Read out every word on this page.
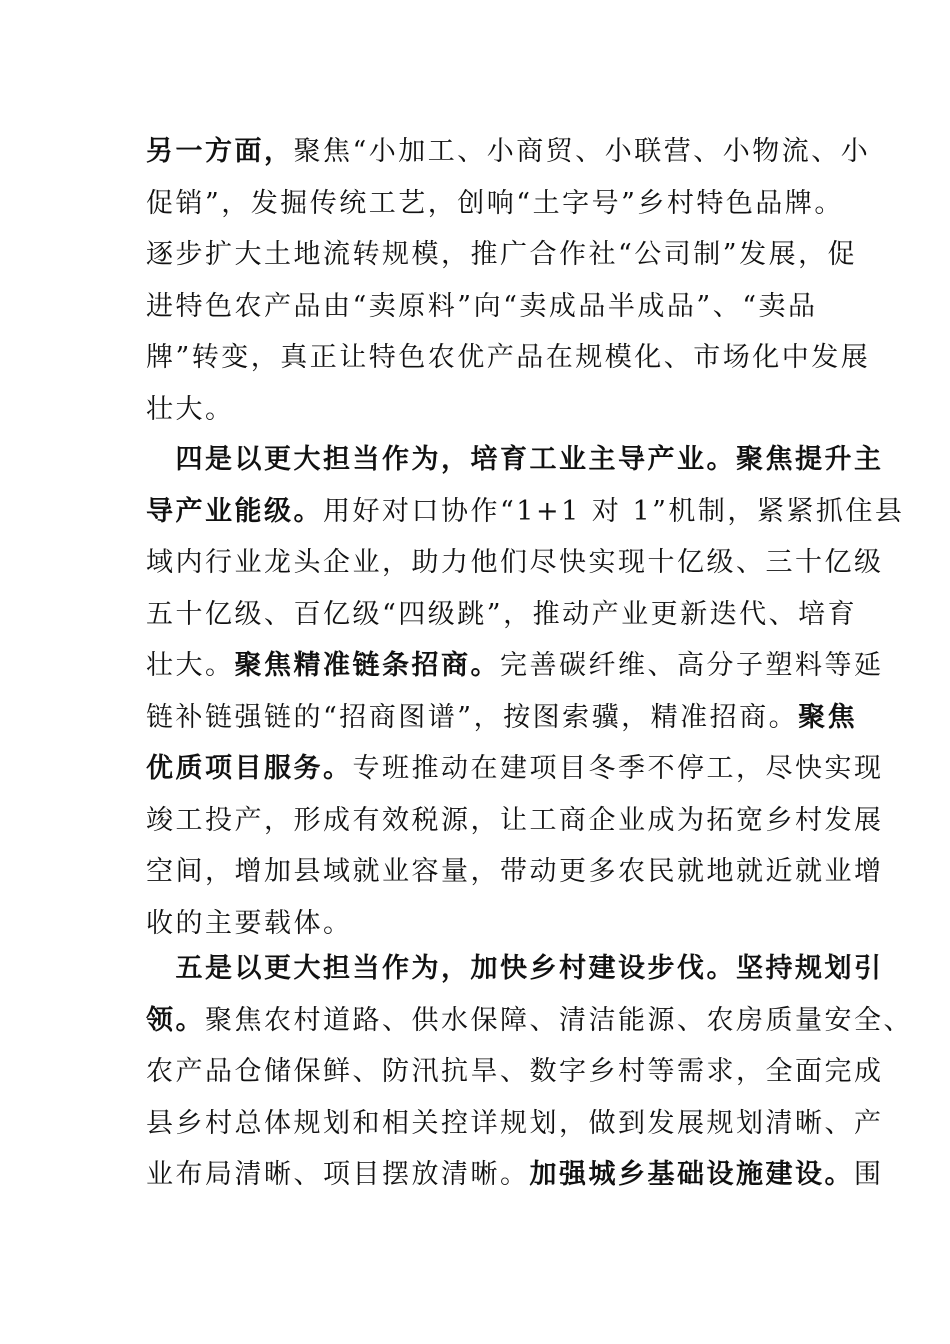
另一方面，聚焦“小加工、小商贸、小联营、小物流、小
促销”，发掘传统工艺，创响“土字号”乡村特色品牌。
逐步扩大土地流转规模，推广合作社“公司制”发展，促
进特色农产品由“卖原料”向“卖成品半成品”、“卖品
牌”转变，真正让特色农优产品在规模化、市场化中发展
壮大。
　四是以更大担当作为，培育工业主导产业。聚焦提升主
导产业能级。用好对口协作“1+1 对 1”机制，紧紧抓住县
域内行业龙头企业，助力他们尽快实现十亿级、三十亿级
五十亿级、百亿级“四级跳”，推动产业更新迭代、培育
壮大。聚焦精准链条招商。完善碳纤维、高分子塑料等延
链补链强链的“招商图谱”，按图索骥，精准招商。聚焦
优质项目服务。专班推动在建项目冬季不停工，尽快实现
竣工投产，形成有效税源，让工商企业成为拓宽乡村发展
空间，增加县域就业容量，带动更多农民就地就近就业增
收的主要载体。
　五是以更大担当作为，加快乡村建设步伐。坚持规划引
领。聚焦农村道路、供水保障、清洁能源、农房质量安全、
农产品仓储保鲜、防汛抗旱、数字乡村等需求，全面完成
县乡村总体规划和相关控详规划，做到发展规划清晰、产
业布局清晰、项目摆放清晰。加强城乡基础设施建设。围
